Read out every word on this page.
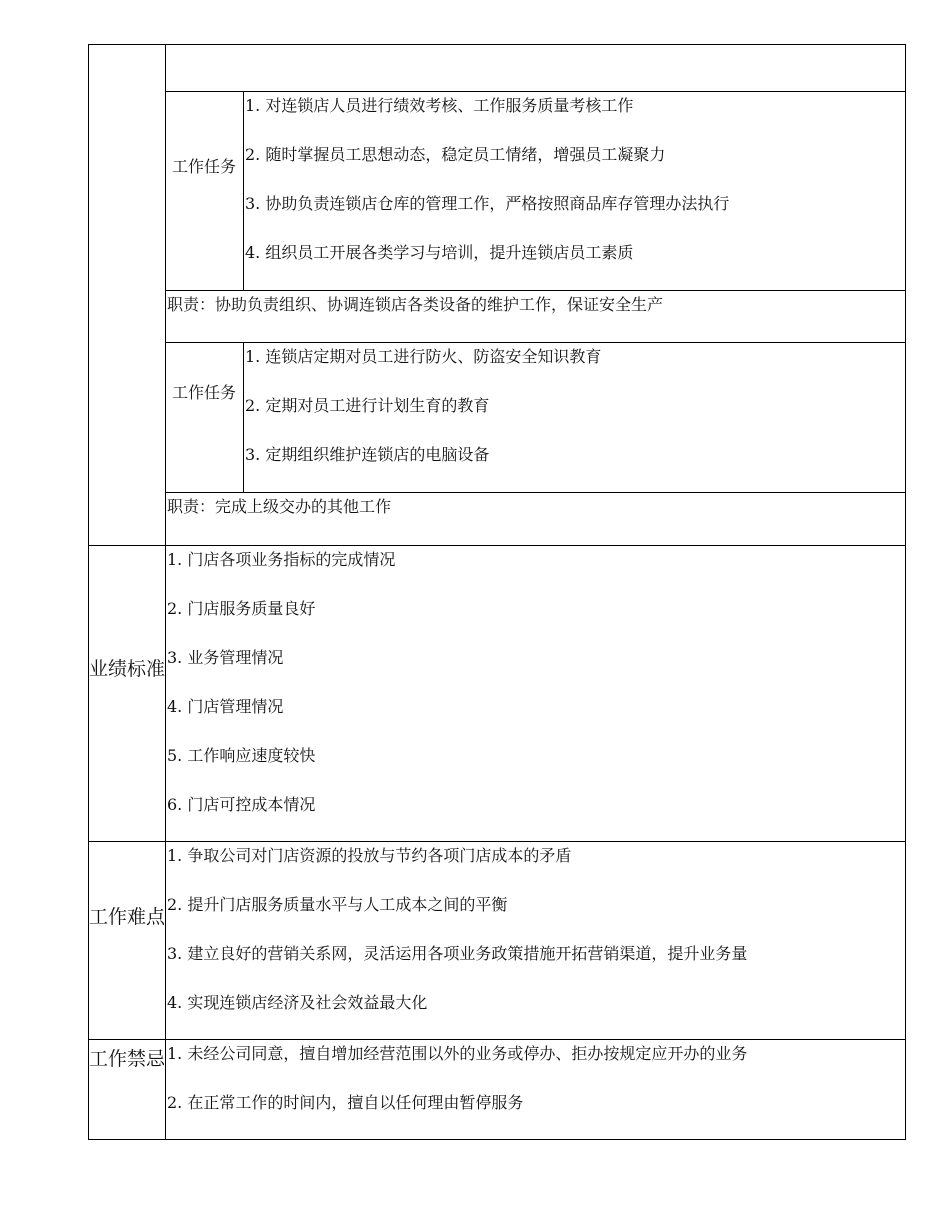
工作任务
1. 对连锁店人员进行绩效考核、工作服务质量考核工作
2. 随时掌握员工思想动态，稳定员工情绪，增强员工凝聚力
3. 协助负责连锁店仓库的管理工作，严格按照商品库存管理办法执行
4. 组织员工开展各类学习与培训，提升连锁店员工素质
职责：协助负责组织、协调连锁店各类设备的维护工作，保证安全生产
工作任务
1. 连锁店定期对员工进行防火、防盗安全知识教育
2. 定期对员工进行计划生育的教育
3. 定期组织维护连锁店的电脑设备
职责：完成上级交办的其他工作
业绩标准
1. 门店各项业务指标的完成情况
2. 门店服务质量良好
3. 业务管理情况
4. 门店管理情况
5. 工作响应速度较快
6. 门店可控成本情况
工作难点
1. 争取公司对门店资源的投放与节约各项门店成本的矛盾
2. 提升门店服务质量水平与人工成本之间的平衡
3. 建立良好的营销关系网，灵活运用各项业务政策措施开拓营销渠道，提升业务量
4. 实现连锁店经济及社会效益最大化
工作禁忌 1. 未经公司同意，擅自增加经营范围以外的业务或停办、拒办按规定应开办的业务
2. 在正常工作的时间内，擅自以任何理由暂停服务
